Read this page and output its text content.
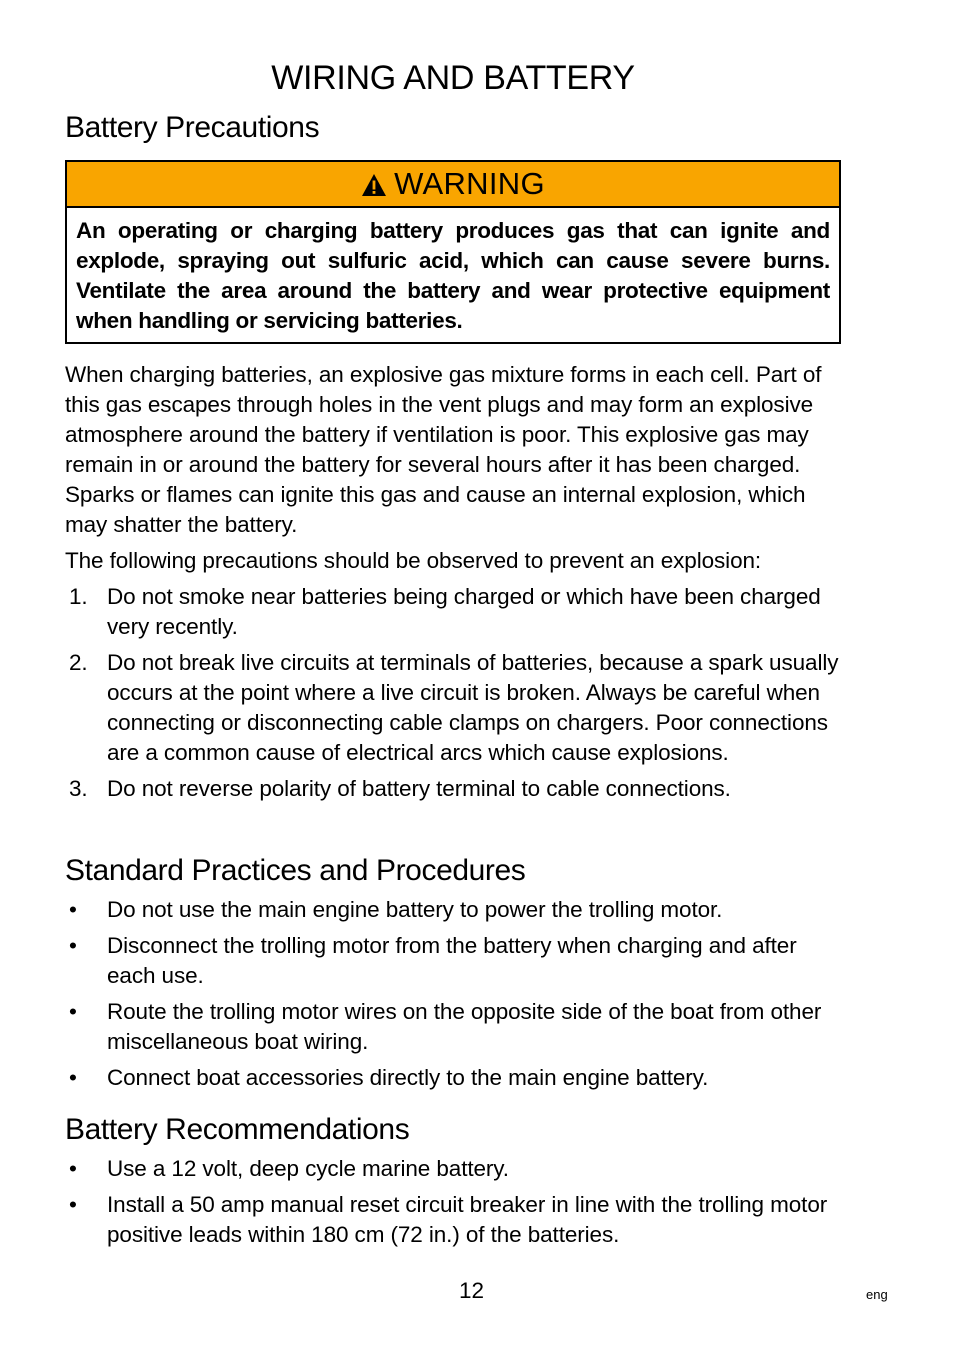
WIRING AND BATTERY
Battery Precautions
WARNING
An operating or charging battery produces gas that can ignite and explode, spraying out sulfuric acid, which can cause severe burns. Ventilate the area around the battery and wear protective equipment when handling or servicing batteries.
When charging batteries, an explosive gas mixture forms in each cell. Part of this gas escapes through holes in the vent plugs and may form an explosive atmosphere around the battery if ventilation is poor. This explosive gas may remain in or around the battery for several hours after it has been charged. Sparks or flames can ignite this gas and cause an internal explosion, which may shatter the battery.
The following precautions should be observed to prevent an explosion:
1. Do not smoke near batteries being charged or which have been charged very recently.
2. Do not break live circuits at terminals of batteries, because a spark usually occurs at the point where a live circuit is broken. Always be careful when connecting or disconnecting cable clamps on chargers. Poor connections are a common cause of electrical arcs which cause explosions.
3. Do not reverse polarity of battery terminal to cable connections.
Standard Practices and Procedures
• Do not use the main engine battery to power the trolling motor.
• Disconnect the trolling motor from the battery when charging and after each use.
• Route the trolling motor wires on the opposite side of the boat from other miscellaneous boat wiring.
• Connect boat accessories directly to the main engine battery.
Battery Recommendations
• Use a 12 volt, deep cycle marine battery.
• Install a 50 amp manual reset circuit breaker in line with the trolling motor positive leads within 180 cm (72 in.) of the batteries.
12	eng
